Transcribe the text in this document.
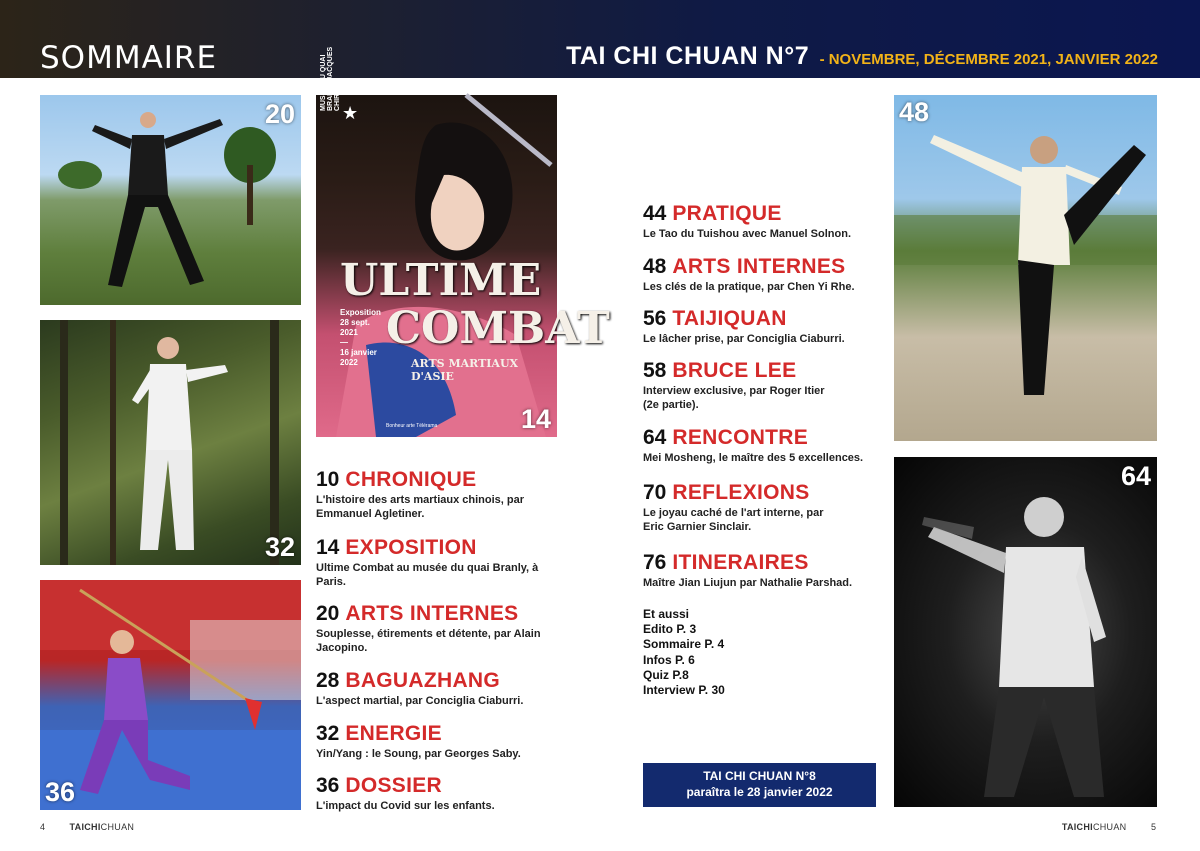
SOMMAIRE	TAI CHI CHUAN N°7 - NOVEMBRE, DÉCEMBRE 2021, JANVIER 2022
20
32
36
★
MUSÉE DU QUAI BRANLY JACQUES CHIRAC
ULTIME
Exposition
28 sept.
2021
—
16 janvier
2022
COMBAT
ARTS MARTIAUX D'ASIE
Bonheur arte Télérama	14
48
64
10 CHRONIQUE
L'histoire des arts martiaux chinois, par Emmanuel Agletiner.
14 EXPOSITION
Ultime Combat au musée du quai Branly, à Paris.
20 ARTS INTERNES
Souplesse, étirements et détente, par Alain Jacopino.
28 BAGUAZHANG
L'aspect martial, par Conciglia Ciaburri.
32 ENERGIE
Yin/Yang : le Soung, par Georges Saby.
36 DOSSIER
L'impact du Covid sur les enfants.
44 PRATIQUE
Le Tao du Tuishou avec Manuel Solnon.
48 ARTS INTERNES
Les clés de la pratique, par Chen Yi Rhe.
56 TAIJIQUAN
Le lâcher prise, par Conciglia Ciaburri.
58 BRUCE LEE
Interview exclusive, par Roger Itier (2e partie).
64 RENCONTRE
Mei Mosheng, le maître des 5 excellences.
70 REFLEXIONS
Le joyau caché de l'art interne, par Eric Garnier Sinclair.
76 ITINERAIRES
Maître Jian Liujun par Nathalie Parshad.
Et aussi
Edito P. 3
Sommaire P. 4
Infos P. 6
Quiz P.8
Interview P. 30
TAI CHI CHUAN N°8
paraîtra le 28 janvier 2022
4	TAICHICHUAN	TAICHICHUAN	5
